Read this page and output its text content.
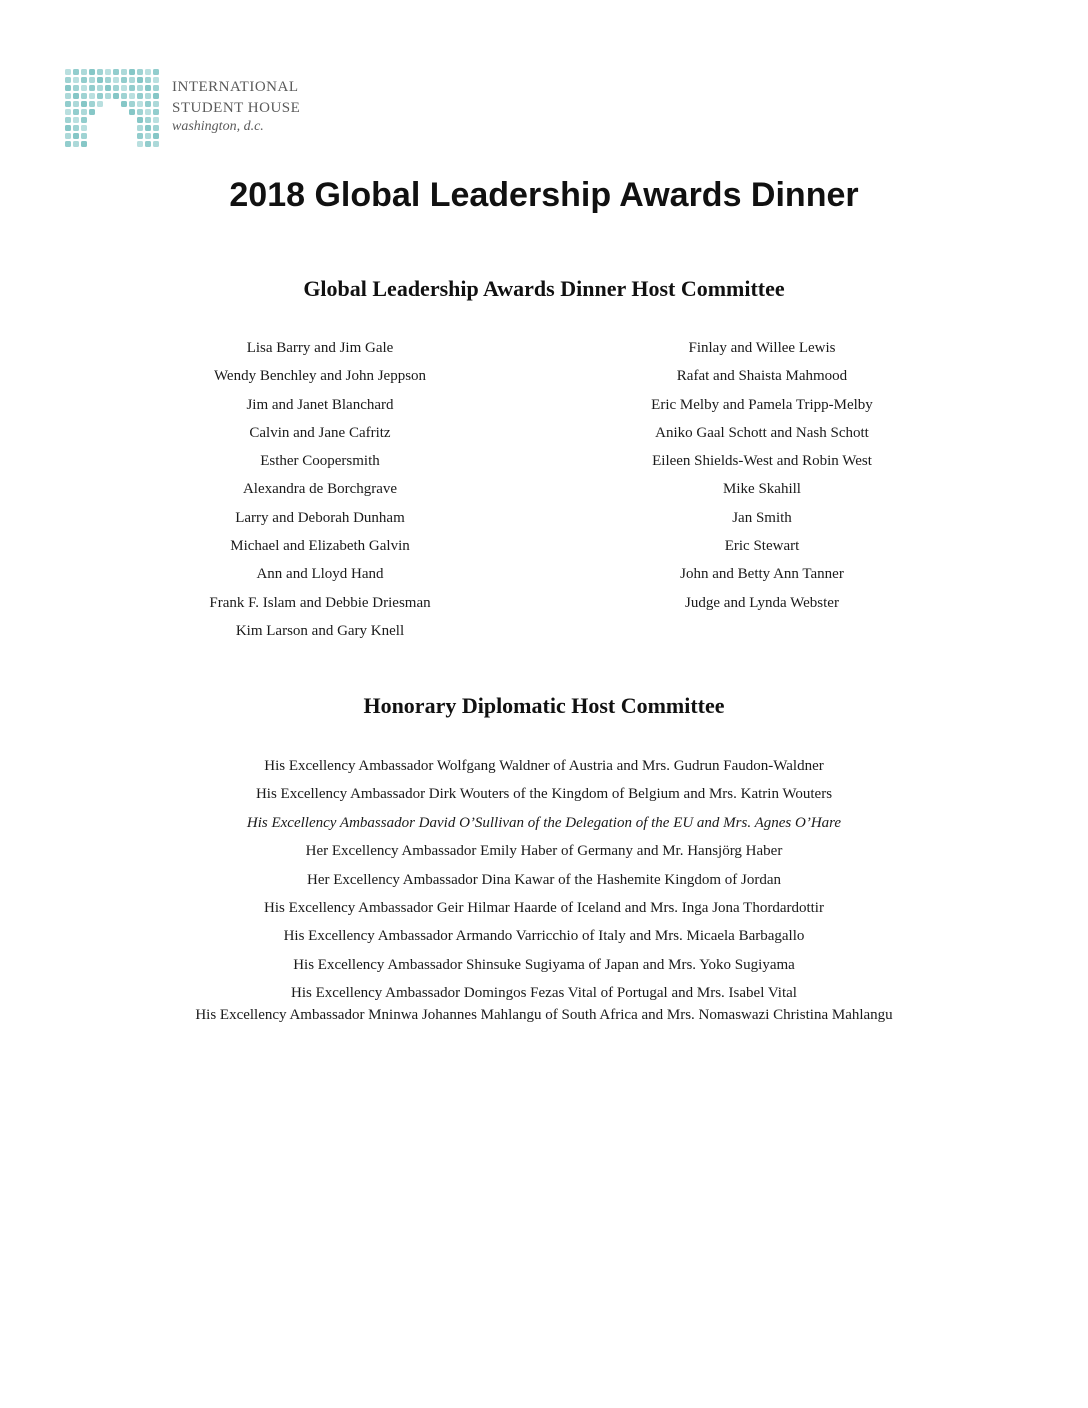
INTERNATIONAL
STUDENT HOUSE
washington, d.c.
2018 Global Leadership Awards Dinner
Global Leadership Awards Dinner Host Committee
Lisa Barry and Jim Gale
Wendy Benchley and John Jeppson
Jim and Janet Blanchard
Calvin and Jane Cafritz
Esther Coopersmith
Alexandra de Borchgrave
Larry and Deborah Dunham
Michael and Elizabeth Galvin
Ann and Lloyd Hand
Frank F. Islam and Debbie Driesman
Kim Larson and Gary Knell
Finlay and Willee Lewis
Rafat and Shaista Mahmood
Eric Melby and Pamela Tripp-Melby
Aniko Gaal Schott and Nash Schott
Eileen Shields-West and Robin West
Mike Skahill
Jan Smith
Eric Stewart
John and Betty Ann Tanner
Judge and Lynda Webster
Honorary Diplomatic Host Committee
His Excellency Ambassador Wolfgang Waldner of Austria and Mrs. Gudrun Faudon-Waldner
His Excellency Ambassador Dirk Wouters of the Kingdom of Belgium and Mrs. Katrin Wouters
His Excellency Ambassador David O’Sullivan of the Delegation of the EU and Mrs. Agnes O’Hare
Her Excellency Ambassador Emily Haber of Germany and Mr. Hansjörg Haber
Her Excellency Ambassador Dina Kawar of the Hashemite Kingdom of Jordan
His Excellency Ambassador Geir Hilmar Haarde of Iceland and Mrs. Inga Jona Thordardottir
His Excellency Ambassador Armando Varricchio of Italy and Mrs. Micaela Barbagallo
His Excellency Ambassador Shinsuke Sugiyama of Japan and Mrs. Yoko Sugiyama
His Excellency Ambassador Domingos Fezas Vital of Portugal and Mrs. Isabel Vital
His Excellency Ambassador Mninwa Johannes Mahlangu of South Africa and Mrs. Nomaswazi Christina Mahlangu
